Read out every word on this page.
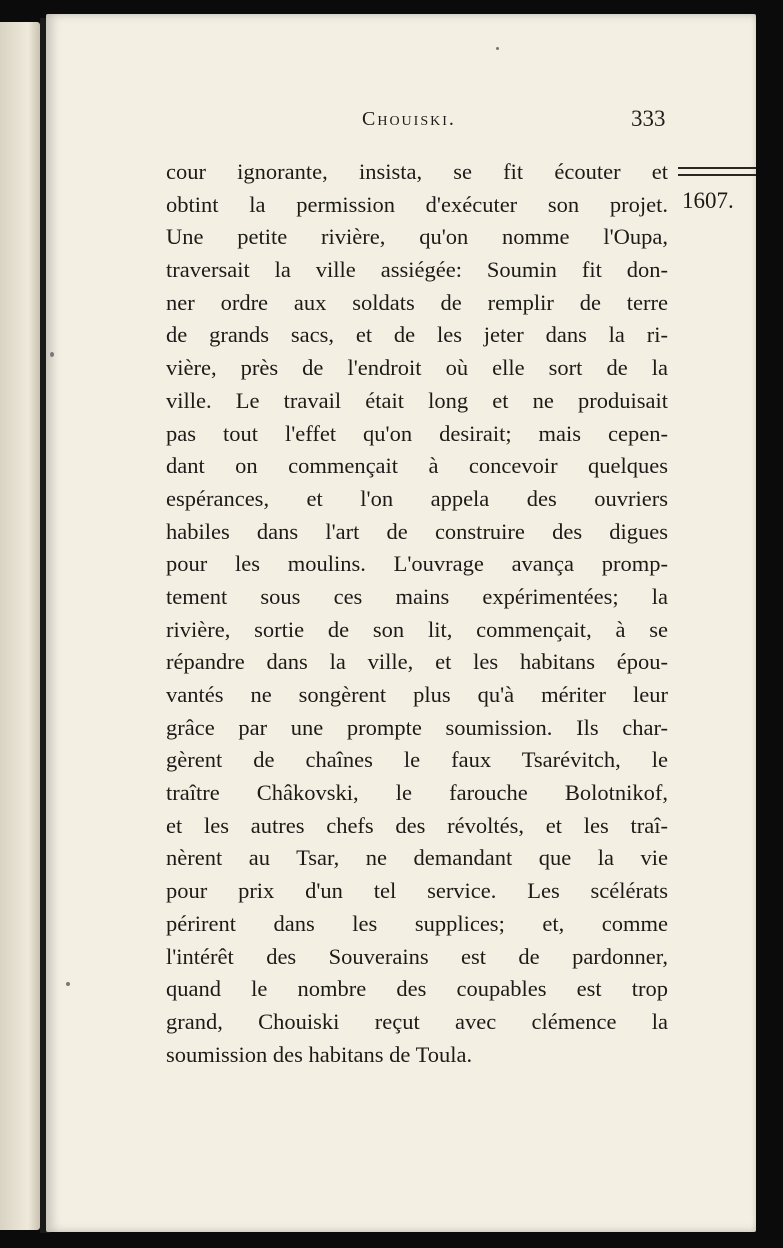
Chouiski.	333
1607.
cour ignorante, insista, se fit écouter et
obtint la permission d'exécuter son projet.
Une petite rivière, qu'on nomme l'Oupa,
traversait la ville assiégée: Soumin fit don-
ner ordre aux soldats de remplir de terre
de grands sacs, et de les jeter dans la ri-
vière, près de l'endroit où elle sort de la
ville. Le travail était long et ne produisait
pas tout l'effet qu'on desirait; mais cepen-
dant on commençait à concevoir quelques
espérances, et l'on appela des ouvriers
habiles dans l'art de construire des digues
pour les moulins. L'ouvrage avança promp-
tement sous ces mains expérimentées; la
rivière, sortie de son lit, commençait, à se
répandre dans la ville, et les habitans épou-
vantés ne songèrent plus qu'à mériter leur
grâce par une prompte soumission. Ils char-
gèrent de chaînes le faux Tsarévitch, le
traître Châkovski, le farouche Bolotnikof,
et les autres chefs des révoltés, et les traî-
nèrent au Tsar, ne demandant que la vie
pour prix d'un tel service. Les scélérats
périrent dans les supplices; et, comme
l'intérêt des Souverains est de pardonner,
quand le nombre des coupables est trop
grand, Chouiski reçut avec clémence la
soumission des habitans de Toula.
